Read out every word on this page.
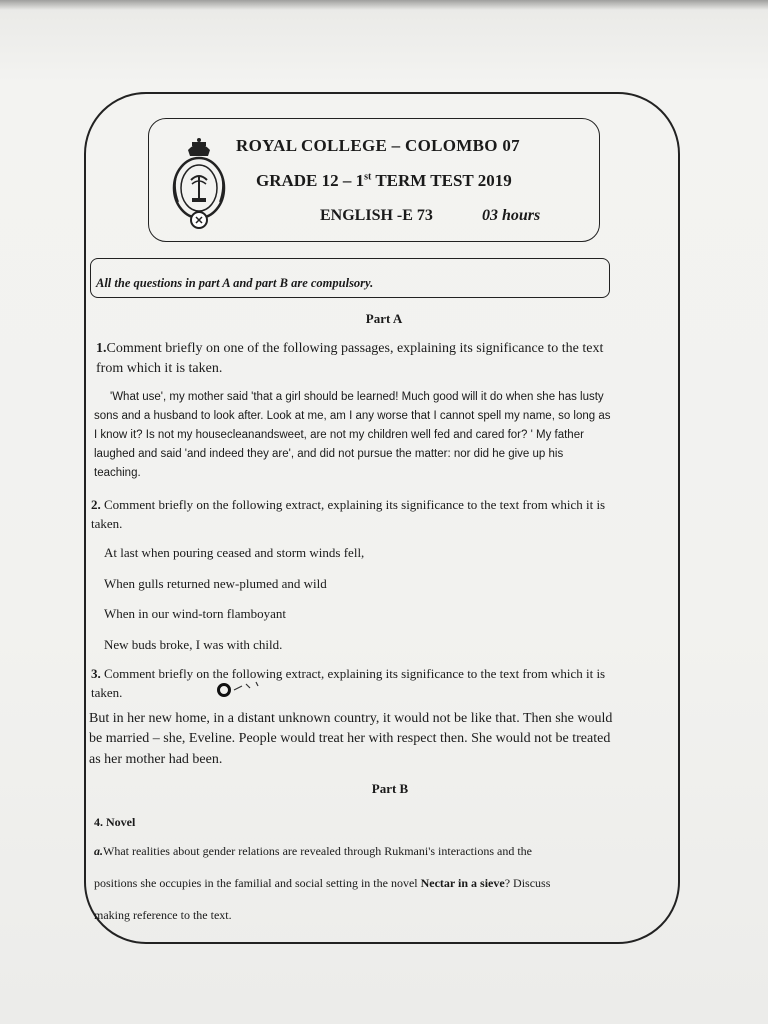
ROYAL COLLEGE – COLOMBO 07
GRADE 12 – 1st TERM TEST 2019
ENGLISH -E 73	03 hours
All the questions in part A and part B are compulsory.
Part A
1.Comment briefly on one of the following passages, explaining its significance to the text
from which it is taken.
'What use', my mother said 'that a girl should be learned! Much good will it do when she has lusty
sons and a husband to look after. Look at me, am I any worse that I cannot spell my name, so long as
I know it? Is not my housecleanandsweet, are not my children well fed and cared for? ' My father
laughed and said 'and indeed they are', and did not pursue the matter: nor did he give up his
teaching.
2. Comment briefly on the following extract, explaining its significance to the text from which it is
taken.
At last when pouring ceased and storm winds fell,
When gulls returned new-plumed and wild
When in our wind-torn flamboyant
New buds broke, I was with child.
3. Comment briefly on the following extract, explaining its significance to the text from which it is
taken.
But in her new home, in a distant unknown country, it would not be like that. Then she would
be married – she, Eveline. People would treat her with respect then. She would not be treated
as her mother had been.
Part B
4. Novel
a.What realities about gender relations are revealed through Rukmani's interactions and the
positions she occupies in the familial and social setting in the novel Nectar in a sieve? Discuss
making reference to the text.
